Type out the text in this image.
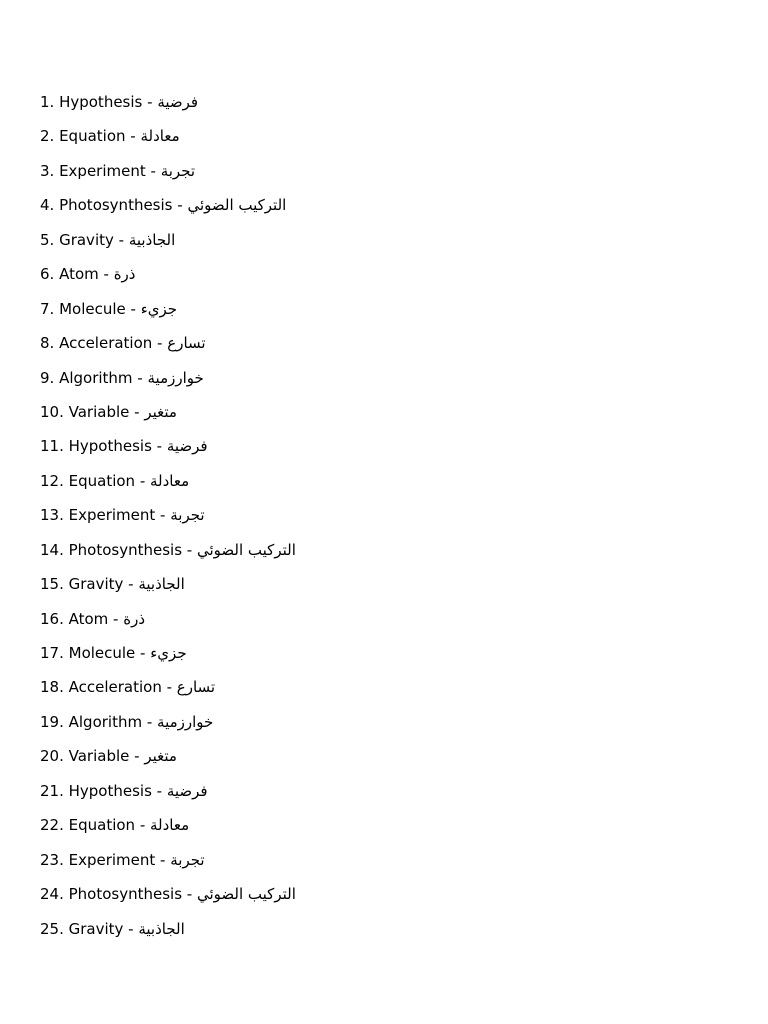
1. Hypothesis - فرضية
2. Equation - معادلة
3. Experiment - تجربة
4. Photosynthesis - التركيب الضوئي
5. Gravity - الجاذبية
6. Atom - ذرة
7. Molecule - جزيء
8. Acceleration - تسارع
9. Algorithm - خوارزمية
10. Variable - متغير
11. Hypothesis - فرضية
12. Equation - معادلة
13. Experiment - تجربة
14. Photosynthesis - التركيب الضوئي
15. Gravity - الجاذبية
16. Atom - ذرة
17. Molecule - جزيء
18. Acceleration - تسارع
19. Algorithm - خوارزمية
20. Variable - متغير
21. Hypothesis - فرضية
22. Equation - معادلة
23. Experiment - تجربة
24. Photosynthesis - التركيب الضوئي
25. Gravity - الجاذبية
